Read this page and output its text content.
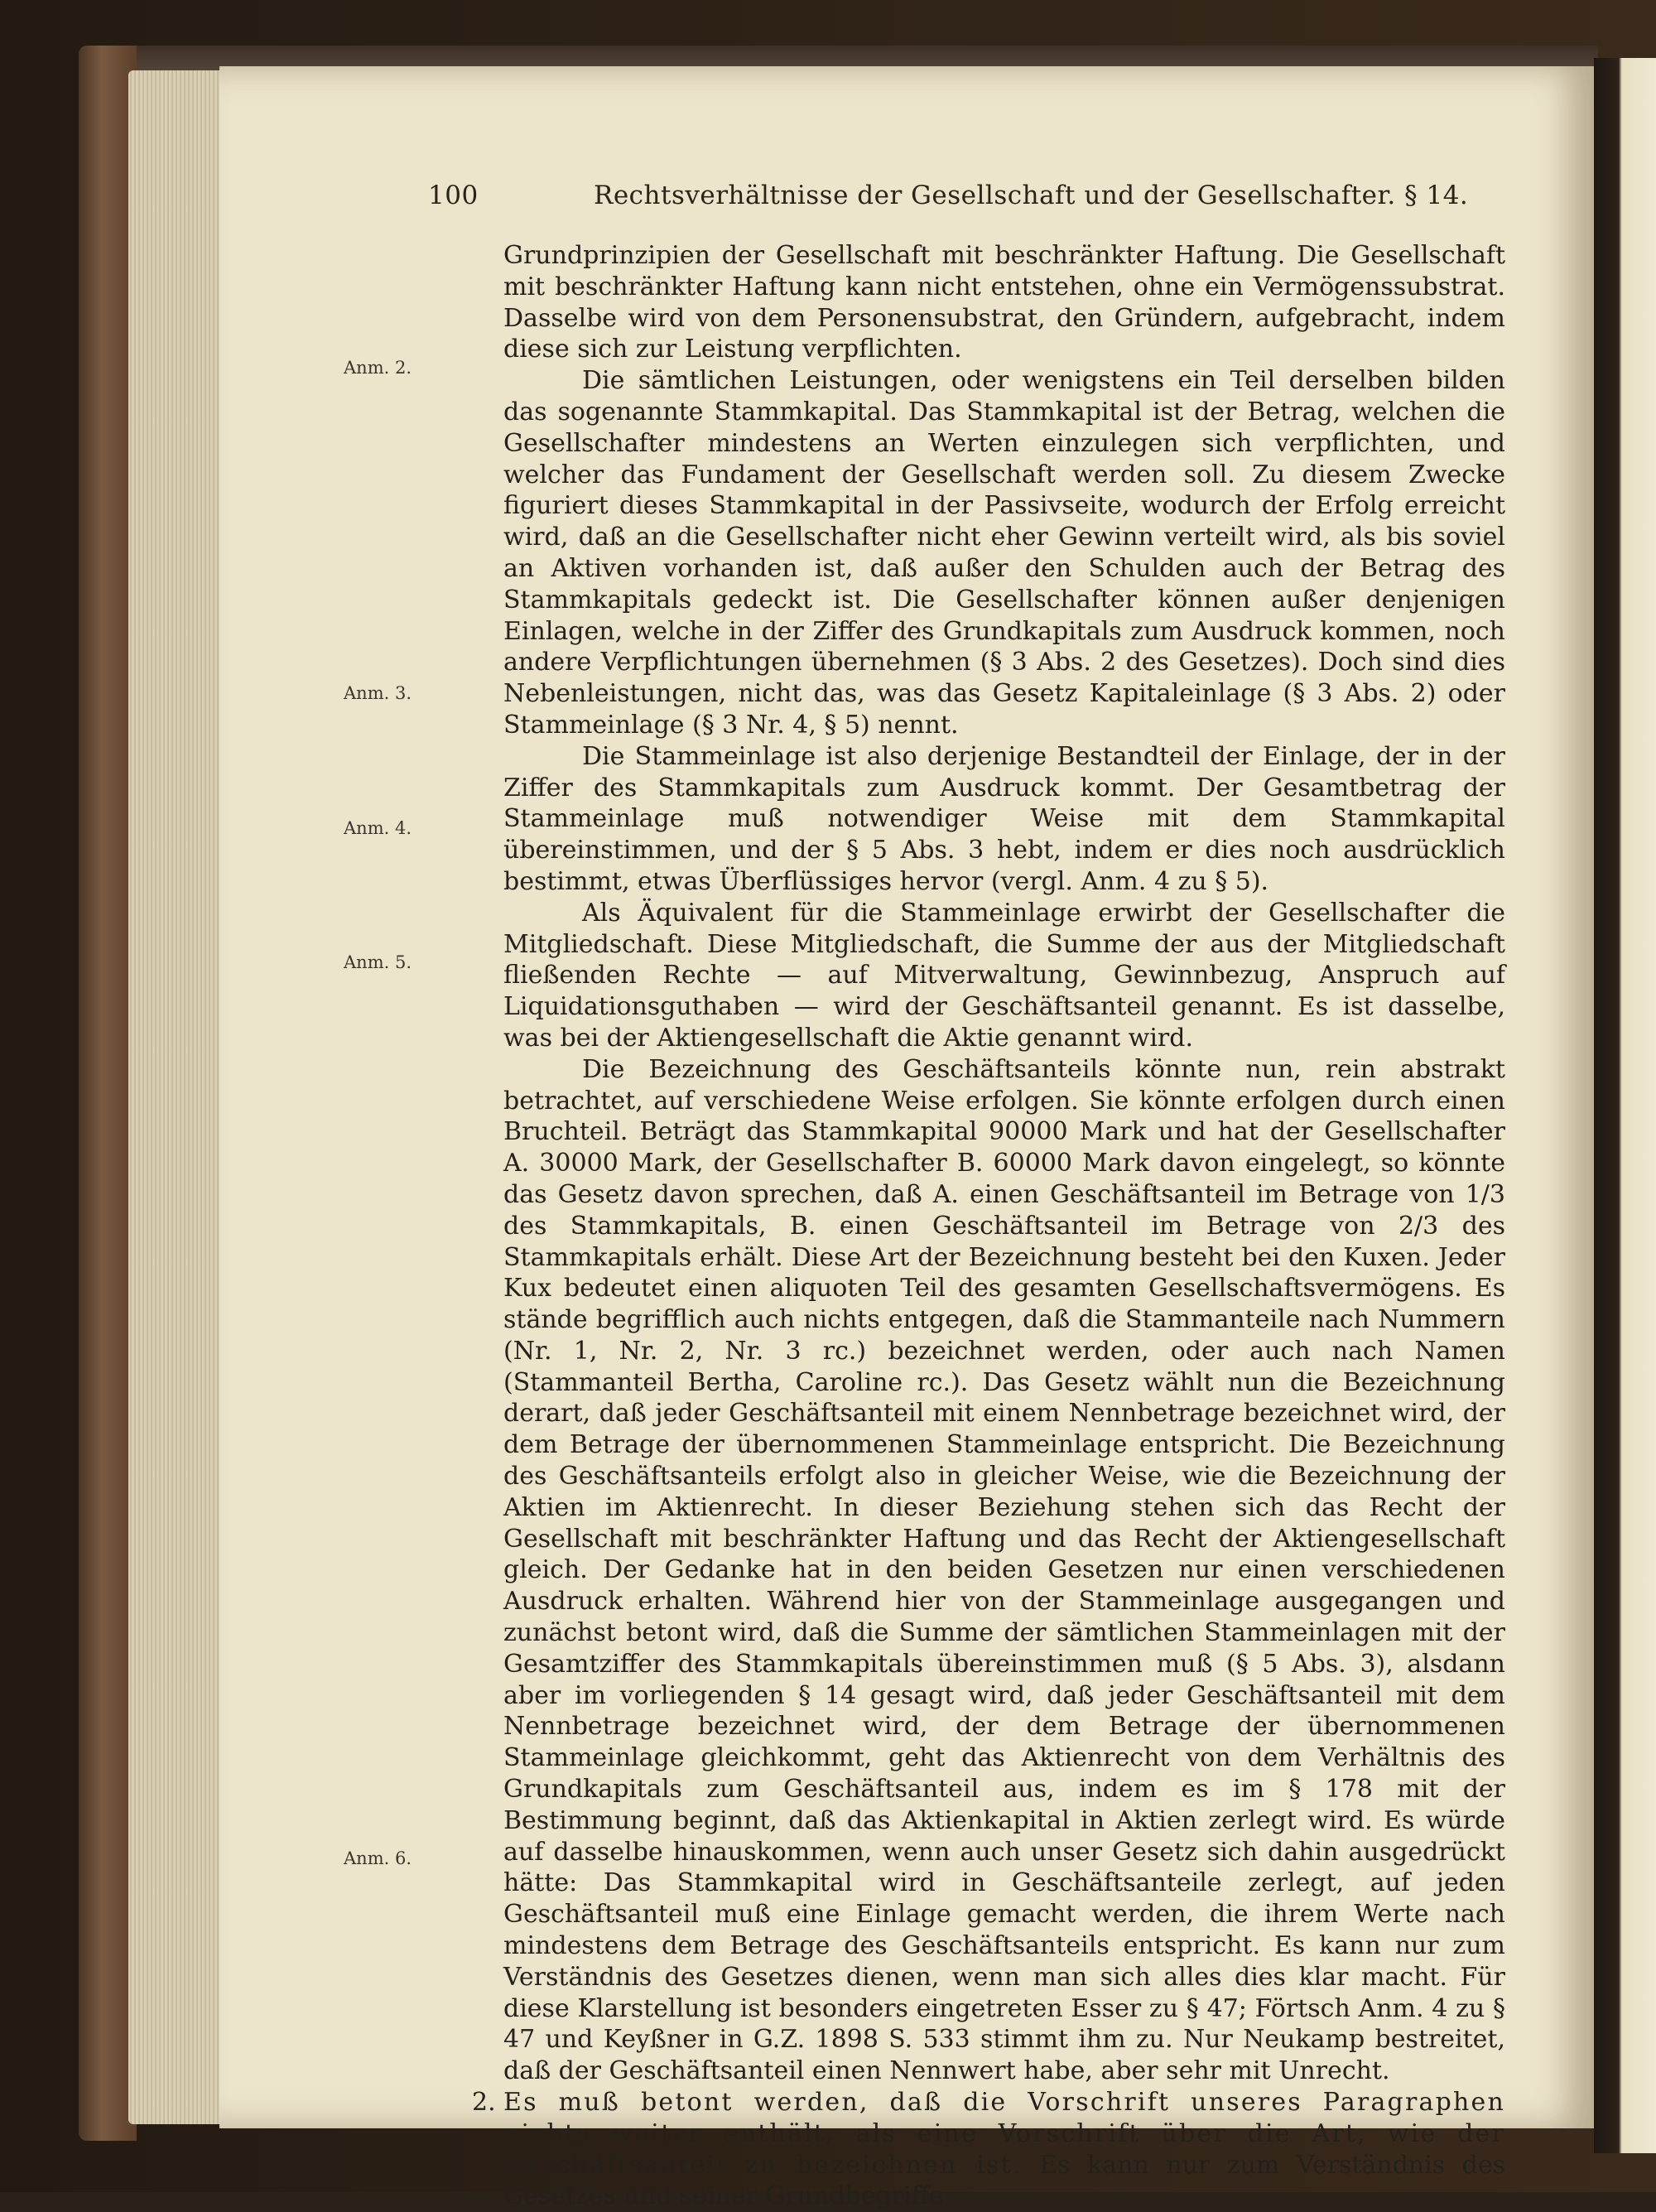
100	Rechtsverhältnisse der Gesellschaft und der Gesellschafter. § 14.
Anm. 2.
Anm. 3.
Anm. 4.
Anm. 5.
Anm. 6.

Grundprinzipien der Gesellschaft mit beschränkter Haftung. Die Gesellschaft mit beschränkter Haftung kann nicht entstehen, ohne ein Vermögenssubstrat. Dasselbe wird von dem Personensubstrat, den Gründern, aufgebracht, indem diese sich zur Leistung verpflichten.

Die sämtlichen Leistungen, oder wenigstens ein Teil derselben bilden das sogenannte Stammkapital. Das Stammkapital ist der Betrag, welchen die Gesellschafter mindestens an Werten einzulegen sich verpflichten, und welcher das Fundament der Gesellschaft werden soll. Zu diesem Zwecke figuriert dieses Stammkapital in der Passivseite, wodurch der Erfolg erreicht wird, daß an die Gesellschafter nicht eher Gewinn verteilt wird, als bis soviel an Aktiven vorhanden ist, daß außer den Schulden auch der Betrag des Stammkapitals gedeckt ist. Die Gesellschafter können außer denjenigen Einlagen, welche in der Ziffer des Grundkapitals zum Ausdruck kommen, noch andere Verpflichtungen übernehmen (§ 3 Abs. 2 des Gesetzes). Doch sind dies Nebenleistungen, nicht das, was das Gesetz Kapitaleinlage (§ 3 Abs. 2) oder Stammeinlage (§ 3 Nr. 4, § 5) nennt.

Die Stammeinlage ist also derjenige Bestandteil der Einlage, der in der Ziffer des Stammkapitals zum Ausdruck kommt. Der Gesamtbetrag der Stammeinlage muß notwendiger Weise mit dem Stammkapital übereinstimmen, und der § 5 Abs. 3 hebt, indem er dies noch ausdrücklich bestimmt, etwas Überflüssiges hervor (vergl. Anm. 4 zu § 5).

Als Äquivalent für die Stammeinlage erwirbt der Gesellschafter die Mitgliedschaft. Diese Mitgliedschaft, die Summe der aus der Mitgliedschaft fließenden Rechte — auf Mitverwaltung, Gewinnbezug, Anspruch auf Liquidationsguthaben — wird der Geschäftsanteil genannt. Es ist dasselbe, was bei der Aktiengesellschaft die Aktie genannt wird.

Die Bezeichnung des Geschäftsanteils könnte nun, rein abstrakt betrachtet, auf verschiedene Weise erfolgen. Sie könnte erfolgen durch einen Bruchteil. Beträgt das Stammkapital 90000 Mark und hat der Gesellschafter A. 30000 Mark, der Gesellschafter B. 60000 Mark davon eingelegt, so könnte das Gesetz davon sprechen, daß A. einen Geschäftsanteil im Betrage von 1/3 des Stammkapitals, B. einen Geschäftsanteil im Betrage von 2/3 des Stammkapitals erhält. Diese Art der Bezeichnung besteht bei den Kuxen. Jeder Kux bedeutet einen aliquoten Teil des gesamten Gesellschaftsvermögens. Es stände begrifflich auch nichts entgegen, daß die Stammanteile nach Nummern (Nr. 1, Nr. 2, Nr. 3 rc.) bezeichnet werden, oder auch nach Namen (Stammanteil Bertha, Caroline rc.). Das Gesetz wählt nun die Bezeichnung derart, daß jeder Geschäftsanteil mit einem Nennbetrage bezeichnet wird, der dem Betrage der übernommenen Stammeinlage entspricht. Die Bezeichnung des Geschäftsanteils erfolgt also in gleicher Weise, wie die Bezeichnung der Aktien im Aktienrecht. In dieser Beziehung stehen sich das Recht der Gesellschaft mit beschränkter Haftung und das Recht der Aktiengesellschaft gleich. Der Gedanke hat in den beiden Gesetzen nur einen verschiedenen Ausdruck erhalten. Während hier von der Stammeinlage ausgegangen und zunächst betont wird, daß die Summe der sämtlichen Stammeinlagen mit der Gesamtziffer des Stammkapitals übereinstimmen muß (§ 5 Abs. 3), alsdann aber im vorliegenden § 14 gesagt wird, daß jeder Geschäftsanteil mit dem Nennbetrage bezeichnet wird, der dem Betrage der übernommenen Stammeinlage gleichkommt, geht das Aktienrecht von dem Verhältnis des Grundkapitals zum Geschäftsanteil aus, indem es im § 178 mit der Bestimmung beginnt, daß das Aktienkapital in Aktien zerlegt wird. Es würde auf dasselbe hinauskommen, wenn auch unser Gesetz sich dahin ausgedrückt hätte: Das Stammkapital wird in Geschäftsanteile zerlegt, auf jeden Geschäftsanteil muß eine Einlage gemacht werden, die ihrem Werte nach mindestens dem Betrage des Geschäftsanteils entspricht. Es kann nur zum Verständnis des Gesetzes dienen, wenn man sich alles dies klar macht. Für diese Klarstellung ist besonders eingetreten Esser zu § 47; Förtsch Anm. 4 zu § 47 und Keyßner in G.Z. 1898 S. 533 stimmt ihm zu. Nur Neukamp bestreitet, daß der Geschäftsanteil einen Nennwert habe, aber sehr mit Unrecht.

2. Es muß betont werden, daß die Vorschrift unseres Paragraphen nichts weiter enthält, als eine Vorschrift über die Art, wie der Geschäftsanteil zu bezeichnen ist. Es kann nur zum Verständnis des Gesetzes und seiner Grundbegriffe
